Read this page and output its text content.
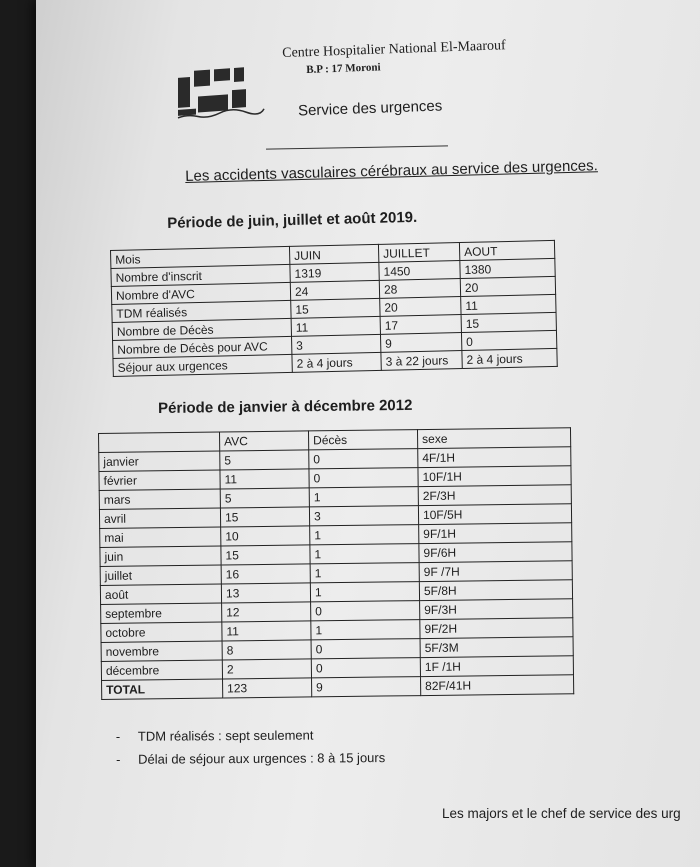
Centre Hospitalier National El-Maarouf
B.P : 17 Moroni
Service des urgences
Les accidents vasculaires cérébraux au service des urgences.
Période de juin, juillet et août 2019.
Mois	JUIN	JUILLET	AOUT
Nombre d'inscrit	1319	1450	1380
Nombre d'AVC	24	28	20
TDM réalisés	15	20	11
Nombre de Décès	11	17	15
Nombre de Décès pour AVC	3	9	0
Séjour aux urgences	2 à 4 jours	3 à 22 jours	2 à 4 jours
Période de janvier à décembre 2012
	AVC	Décès	sexe
janvier	5	0	4F/1H
février	11	0	10F/1H
mars	5	1	2F/3H
avril	15	3	10F/5H
mai	10	1	9F/1H
juin	15	1	9F/6H
juillet	16	1	9F /7H
août	13	1	5F/8H
septembre	12	0	9F/3H
octobre	11	1	9F/2H
novembre	8	0	5F/3M
décembre	2	0	1F /1H
TOTAL	123	9	82F/41H
- TDM réalisés : sept seulement
- Délai de séjour aux urgences : 8 à 15 jours
Les majors et le chef de service des urg
